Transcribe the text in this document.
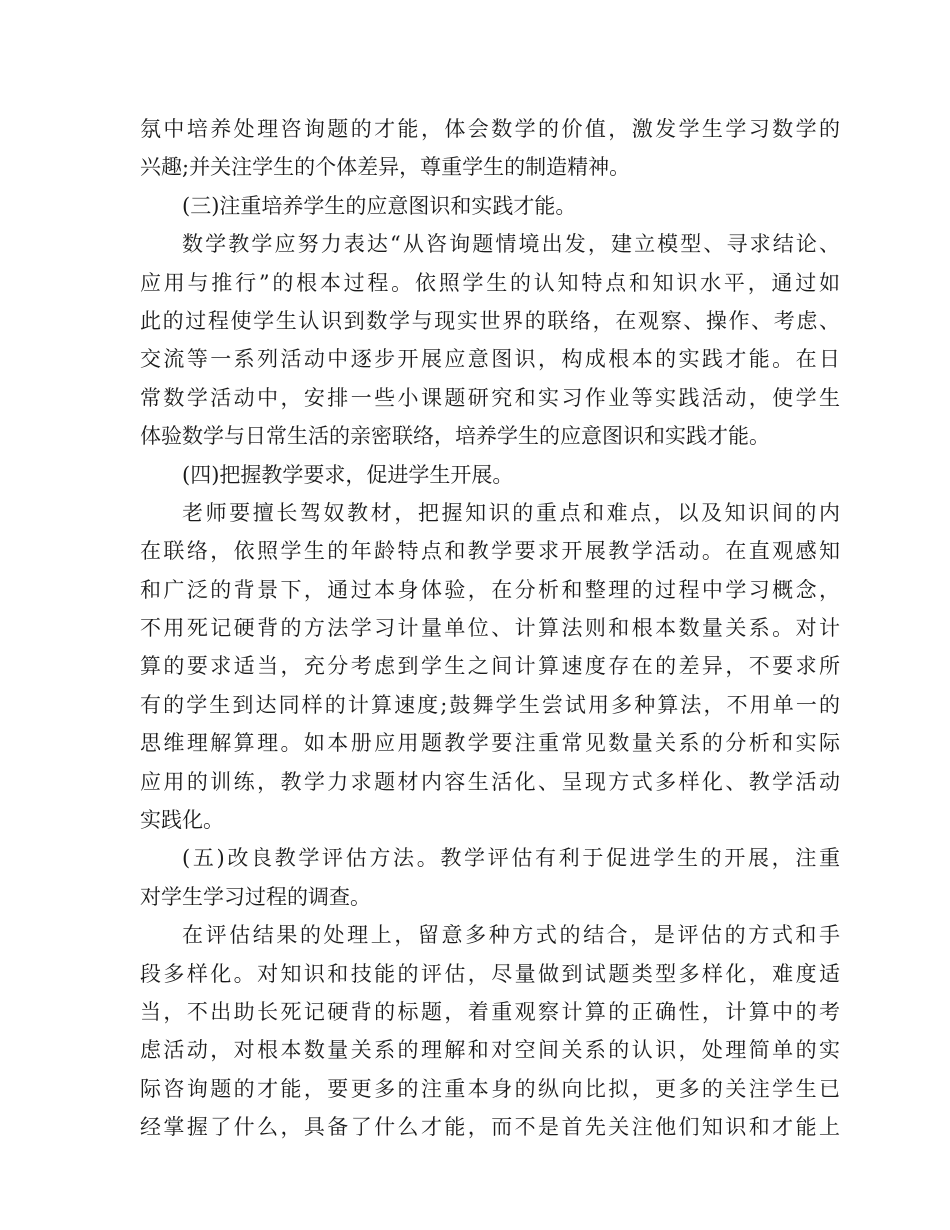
氛中培养处理咨询题的才能，体会数学的价值，激发学生学习数学的
兴趣;并关注学生的个体差异，尊重学生的制造精神。
(三)注重培养学生的应意图识和实践才能。
数学教学应努力表达“从咨询题情境出发，建立模型、寻求结论、
应用与推行”的根本过程。依照学生的认知特点和知识水平，通过如
此的过程使学生认识到数学与现实世界的联络，在观察、操作、考虑、
交流等一系列活动中逐步开展应意图识，构成根本的实践才能。在日
常数学活动中，安排一些小课题研究和实习作业等实践活动，使学生
体验数学与日常生活的亲密联络，培养学生的应意图识和实践才能。
(四)把握教学要求，促进学生开展。
老师要擅长驾奴教材，把握知识的重点和难点，以及知识间的内
在联络，依照学生的年龄特点和教学要求开展教学活动。在直观感知
和广泛的背景下，通过本身体验，在分析和整理的过程中学习概念，
不用死记硬背的方法学习计量单位、计算法则和根本数量关系。对计
算的要求适当，充分考虑到学生之间计算速度存在的差异，不要求所
有的学生到达同样的计算速度;鼓舞学生尝试用多种算法，不用单一的
思维理解算理。如本册应用题教学要注重常见数量关系的分析和实际
应用的训练，教学力求题材内容生活化、呈现方式多样化、教学活动
实践化。
(五)改良教学评估方法。教学评估有利于促进学生的开展，注重
对学生学习过程的调查。
在评估结果的处理上，留意多种方式的结合，是评估的方式和手
段多样化。对知识和技能的评估，尽量做到试题类型多样化，难度适
当，不出助长死记硬背的标题，着重观察计算的正确性，计算中的考
虑活动，对根本数量关系的理解和对空间关系的认识，处理简单的实
际咨询题的才能，要更多的注重本身的纵向比拟，更多的关注学生已
经掌握了什么，具备了什么才能，而不是首先关注他们知识和才能上
